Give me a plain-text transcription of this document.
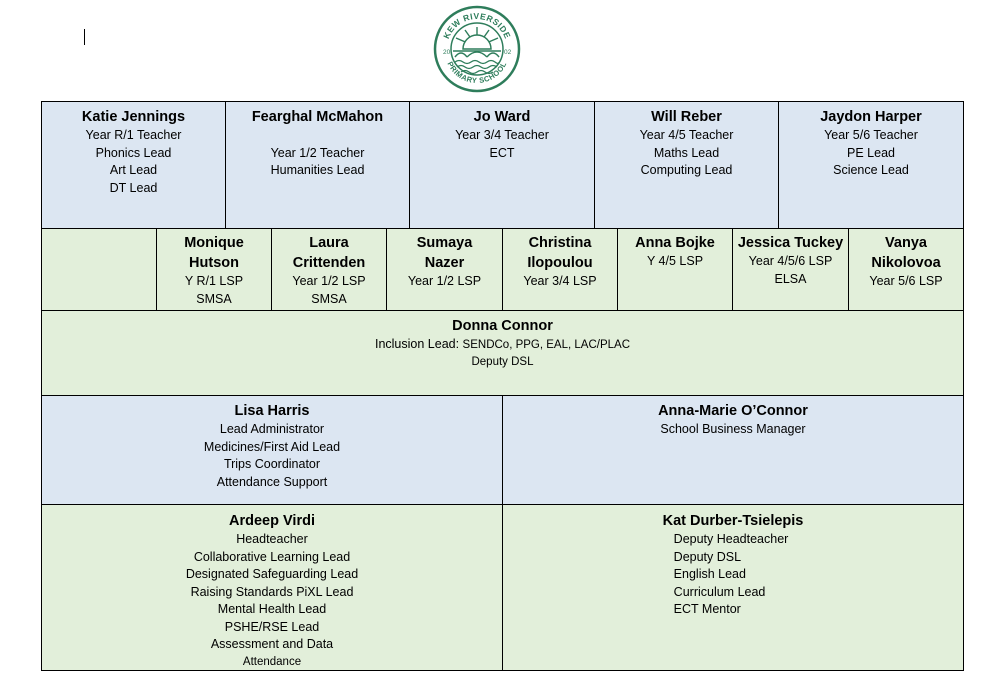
KEW RIVERSIDE
PRIMARY SCHOOL
20	02
Katie Jennings
Year R/1 Teacher
Phonics Lead
Art Lead
DT Lead
Fearghal McMahon
Year 1/2 Teacher
Humanities Lead
Jo Ward
Year 3/4 Teacher
ECT
Will Reber
Year 4/5 Teacher
Maths Lead
Computing Lead
Jaydon Harper
Year 5/6 Teacher
PE Lead
Science Lead
Monique
Hutson
Y R/1 LSP
SMSA
Laura
Crittenden
Year 1/2 LSP
SMSA
Sumaya
Nazer
Year 1/2 LSP
Christina
Ilopoulou
Year 3/4 LSP
Anna Bojke
Y 4/5 LSP
Jessica Tuckey
Year 4/5/6 LSP
ELSA
Vanya
Nikolovoa
Year 5/6 LSP
Donna Connor
Inclusion Lead: SENDCo, PPG, EAL, LAC/PLAC
Deputy DSL
Lisa Harris
Lead Administrator
Medicines/First Aid Lead
Trips Coordinator
Attendance Support
Anna-Marie O’Connor
School Business Manager
Ardeep Virdi
Headteacher
Collaborative Learning Lead
Designated Safeguarding Lead
Raising Standards PiXL Lead
Mental Health Lead
PSHE/RSE Lead
Assessment and Data
Attendance
Kat Durber-Tsielepis
Deputy Headteacher
Deputy DSL
English Lead
Curriculum Lead
ECT Mentor
